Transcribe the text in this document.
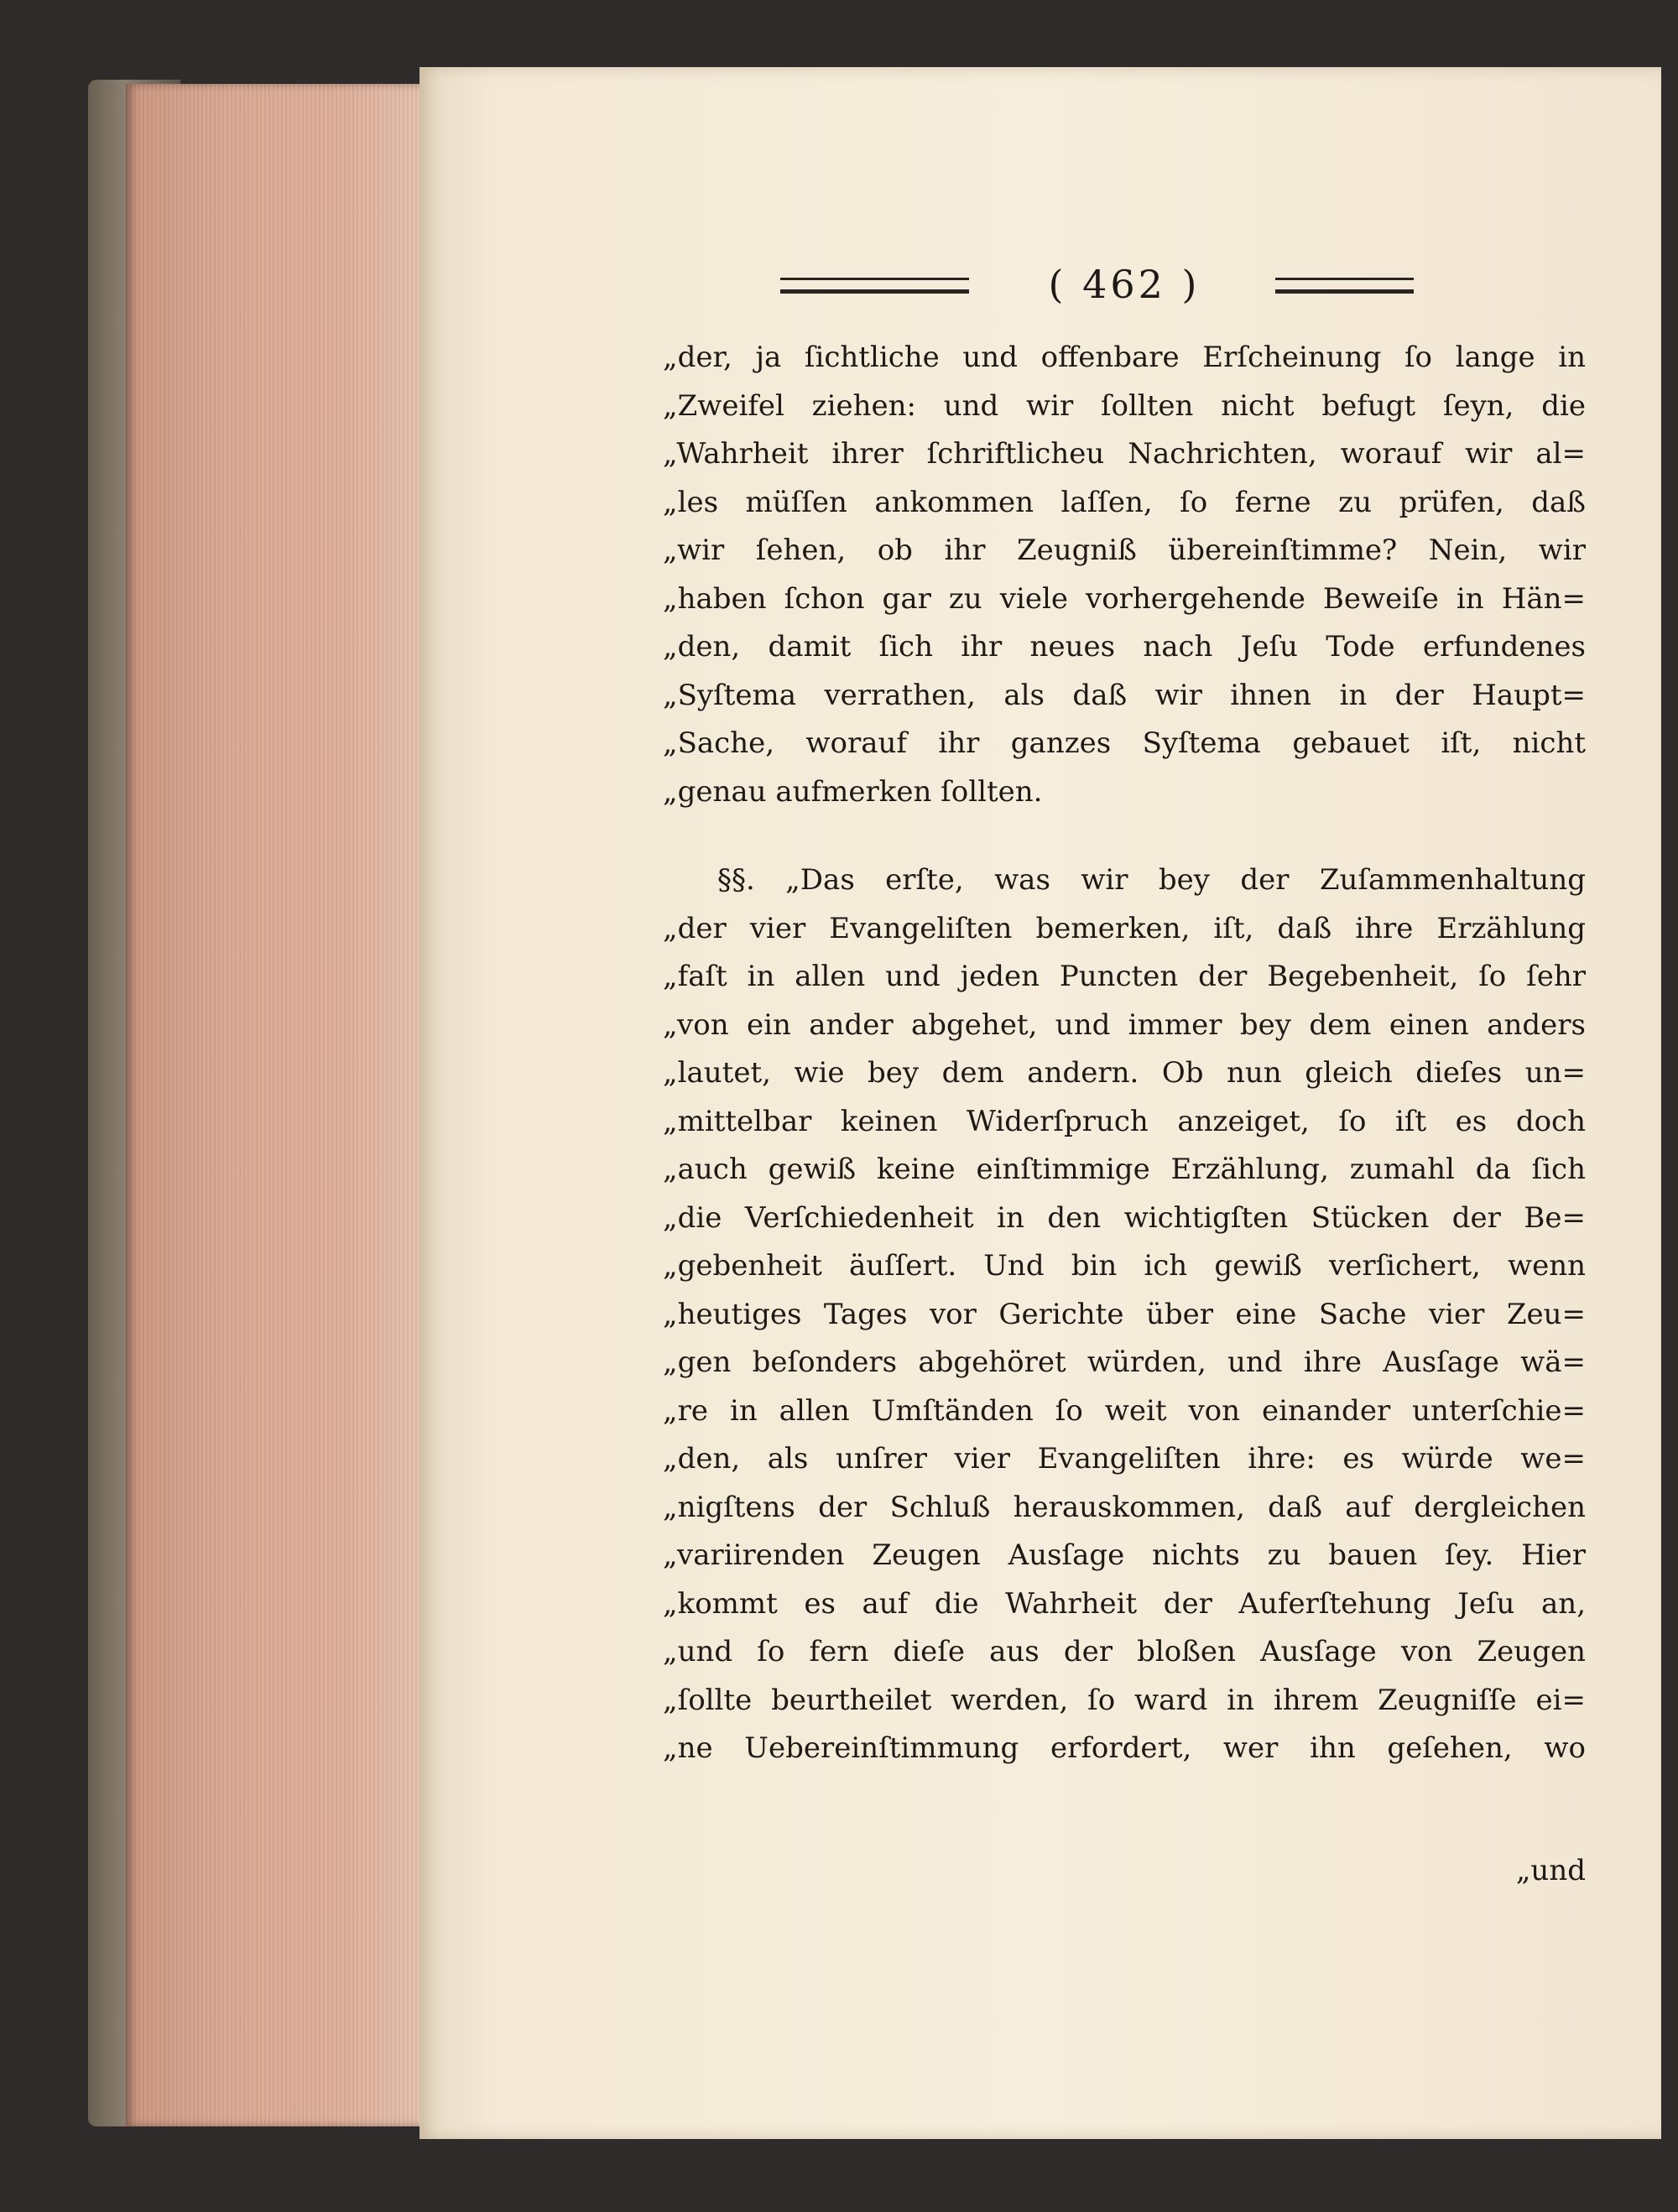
( 462 )
„der, ja ſichtliche und offenbare Erſcheinung ſo lange in
„Zweifel ziehen: und wir ſollten nicht befugt ſeyn, die
„Wahrheit ihrer ſchriftlicheu Nachrichten, worauf wir al=
„les müſſen ankommen laſſen, ſo ferne zu prüfen, daß
„wir ſehen, ob ihr Zeugniß übereinſtimme? Nein, wir
„haben ſchon gar zu viele vorhergehende Beweiſe in Hän=
„den, damit ſich ihr neues nach Jeſu Tode erfundenes
„Syſtema verrathen, als daß wir ihnen in der Haupt=
„Sache, worauf ihr ganzes Syſtema gebauet iſt, nicht
„genau aufmerken ſollten.
§§. „Das erſte, was wir bey der Zuſammenhaltung
„der vier Evangeliſten bemerken, iſt, daß ihre Erzählung
„faſt in allen und jeden Puncten der Begebenheit, ſo ſehr
„von ein ander abgehet, und immer bey dem einen anders
„lautet, wie bey dem andern. Ob nun gleich dieſes un=
„mittelbar keinen Widerſpruch anzeiget, ſo iſt es doch
„auch gewiß keine einſtimmige Erzählung, zumahl da ſich
„die Verſchiedenheit in den wichtigſten Stücken der Be=
„gebenheit äuſſert. Und bin ich gewiß verſichert, wenn
„heutiges Tages vor Gerichte über eine Sache vier Zeu=
„gen beſonders abgehöret würden, und ihre Ausſage wä=
„re in allen Umſtänden ſo weit von einander unterſchie=
„den, als unſrer vier Evangeliſten ihre: es würde we=
„nigſtens der Schluß herauskommen, daß auf dergleichen
„variirenden Zeugen Ausſage nichts zu bauen ſey. Hier
„kommt es auf die Wahrheit der Auferſtehung Jeſu an,
„und ſo fern dieſe aus der bloßen Ausſage von Zeugen
„ſollte beurtheilet werden, ſo ward in ihrem Zeugniſſe ei=
„ne Uebereinſtimmung erfordert, wer ihn geſehen, wo
„und
